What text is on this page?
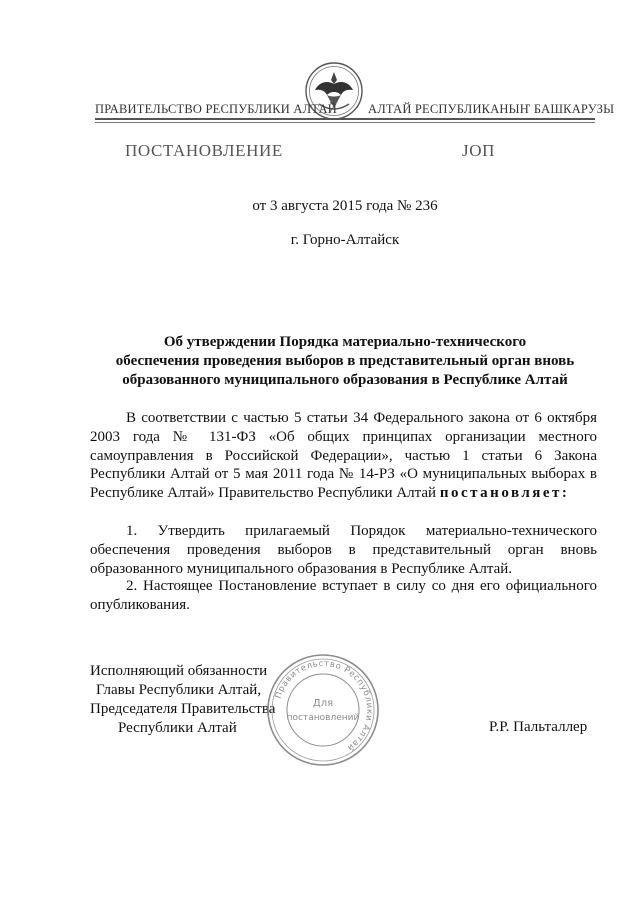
ПРАВИТЕЛЬСТВО РЕСПУБЛИКИ АЛТАЙ АЛТАЙ РЕСПУБЛИКАНЫҤ БАШКАРУЗЫ
ПОСТАНОВЛЕНИЕ	ЈОП
от 3 августа 2015 года № 236
г. Горно-Алтайск
Об утверждении Порядка материально-технического
обеспечения проведения выборов в представительный орган вновь
образованного муниципального образования в Республике Алтай
В соответствии с частью 5 статьи 34 Федерального закона от 6 октября 2003 года № 131-ФЗ «Об общих принципах организации местного самоуправления в Российской Федерации», частью 1 статьи 6 Закона Республики Алтай от 5 мая 2011 года № 14-РЗ «О муниципальных выборах в Республике Алтай» Правительство Республики Алтай постановляет:
1. Утвердить прилагаемый Порядок материально-технического обеспечения проведения выборов в представительный орган вновь образованного муниципального образования в Республике Алтай.
2. Настоящее Постановление вступает в силу со дня его официального опубликования.
Исполняющий обязанности
Главы Республики Алтай,
Председателя Правительства
Республики Алтай	Р.Р. Пальталлер
Правительство Республики Алтай
Для
постановлений
